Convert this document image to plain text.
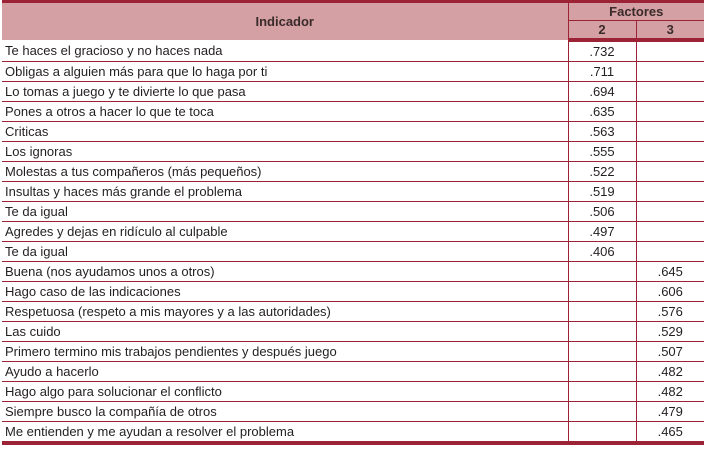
Indicador	Factores	
	2	3
Te haces el gracioso y no haces nada	.732	
Obligas a alguien más para que lo haga por ti	.711	
Lo tomas a juego y te divierte lo que pasa	.694	
Pones a otros a hacer lo que te toca	.635	
Criticas	.563	
Los ignoras	.555	
Molestas a tus compañeros (más pequeños)	.522	
Insultas y haces más grande el problema	.519	
Te da igual	.506	
Agredes y dejas en ridículo al culpable	.497	
Te da igual	.406	
Buena (nos ayudamos unos a otros)		.645
Hago caso de las indicaciones		.606
Respetuosa (respeto a mis mayores y a las autoridades)		.576
Las cuido		.529
Primero termino mis trabajos pendientes y después juego		.507
Ayudo a hacerlo		.482
Hago algo para solucionar el conflicto		.482
Siempre busco la compañía de otros		.479
Me entienden y me ayudan a resolver el problema		.465
